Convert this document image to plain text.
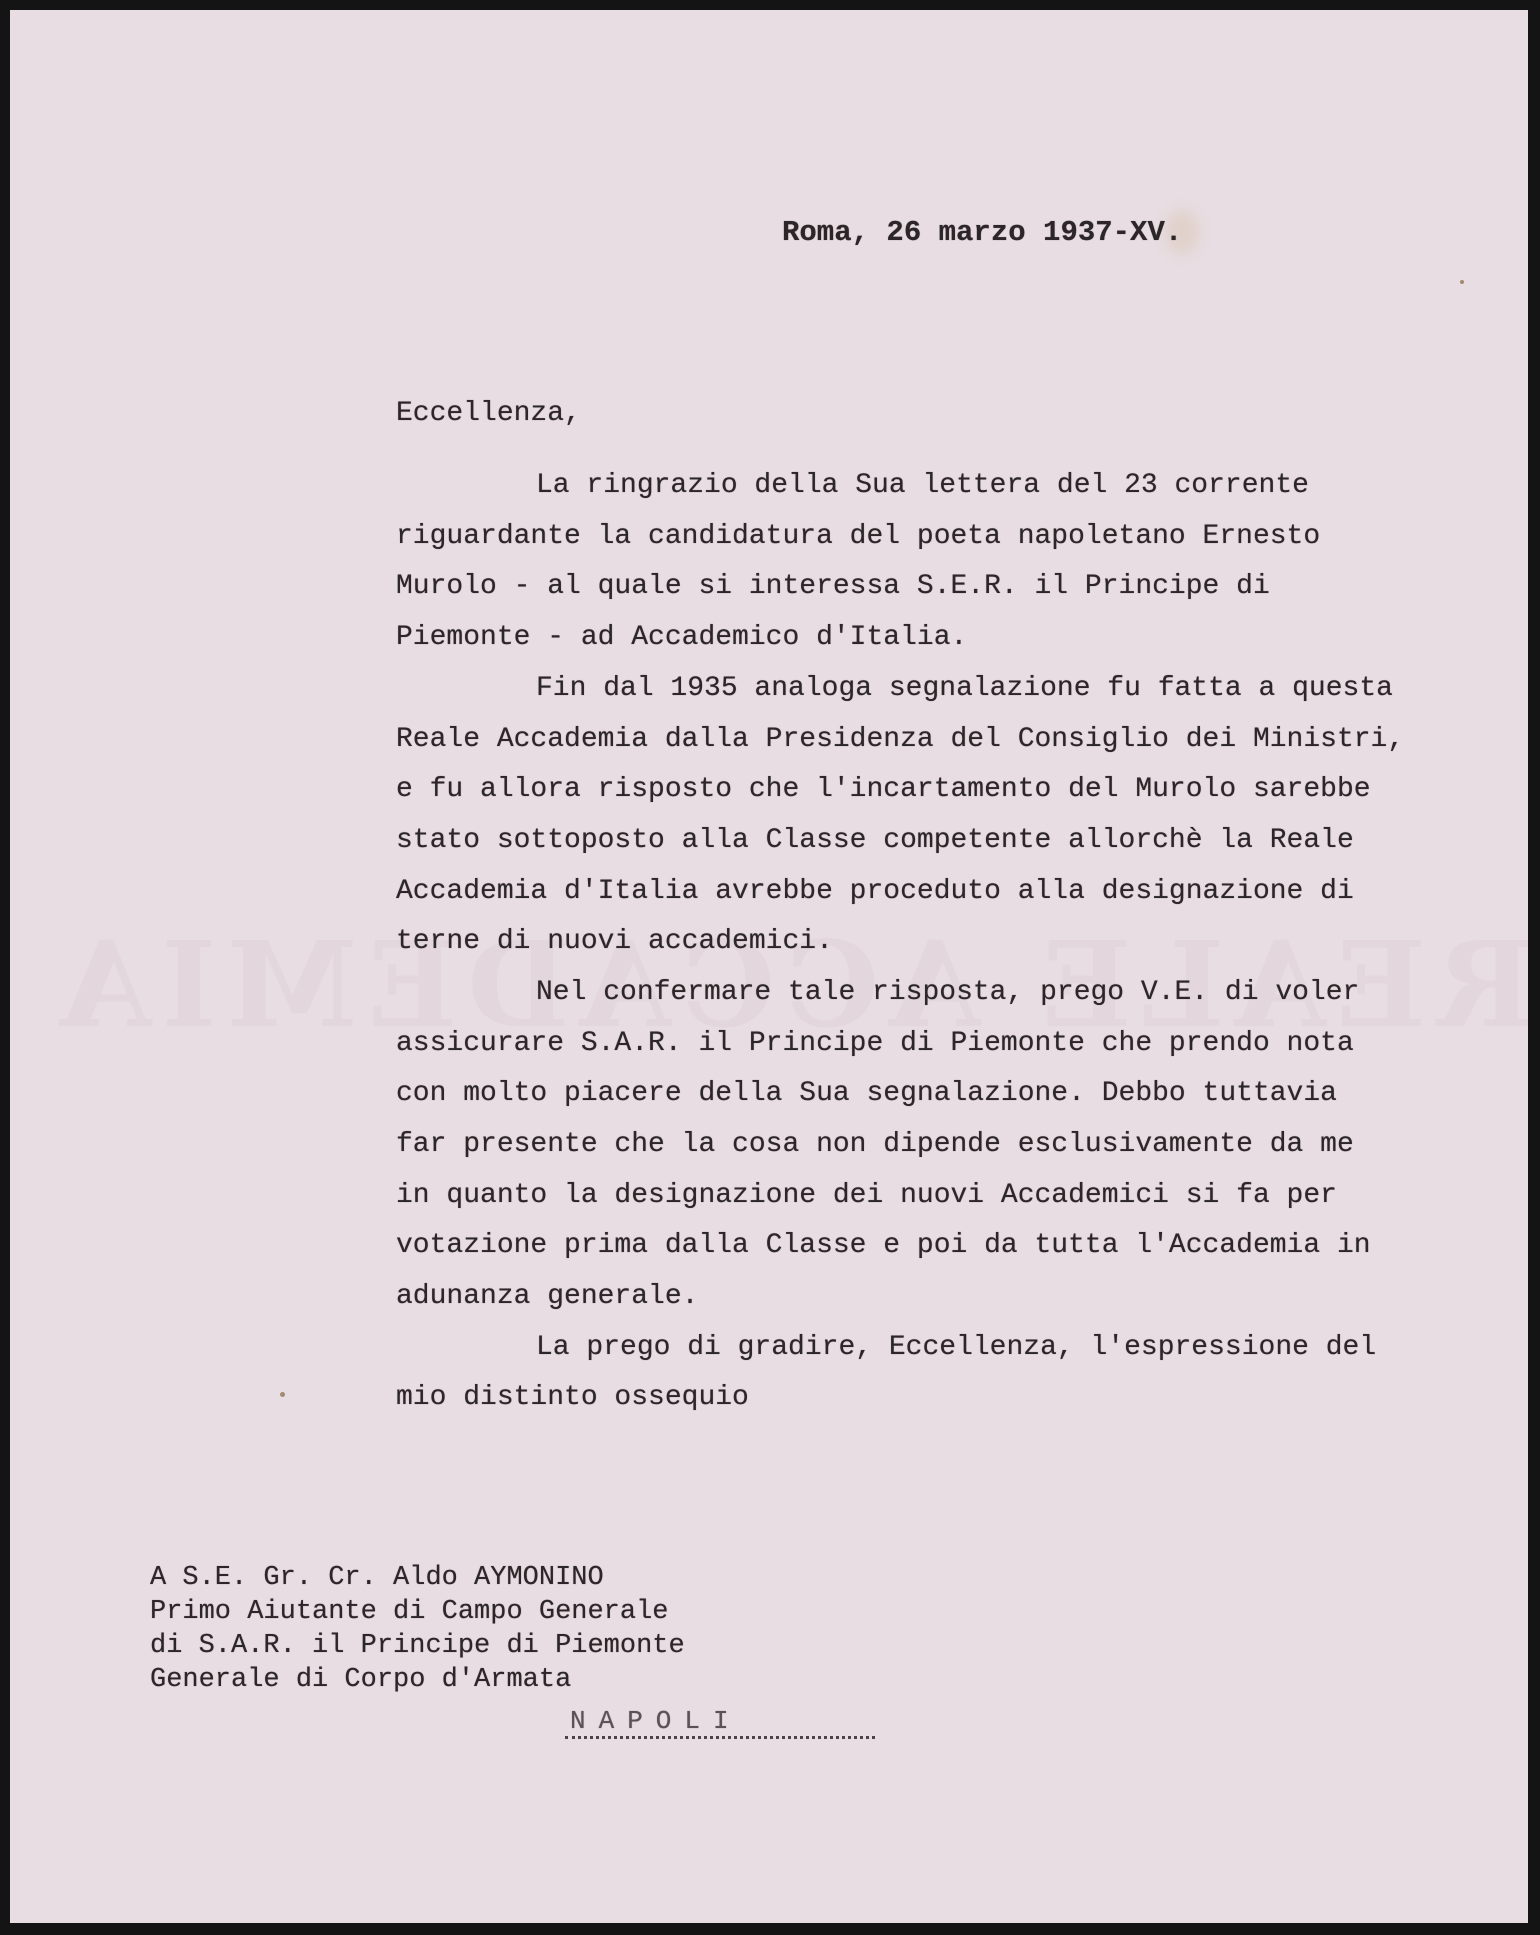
Roma, 26 marzo 1937-XV.

Eccellenza,

La ringrazio della Sua lettera del 23 corrente

riguardante la candidatura del poeta napoletano Ernesto

Murolo - al quale si interessa S.E.R. il Principe di

Piemonte - ad Accademico d'Italia.

Fin dal 1935 analoga segnalazione fu fatta a questa

Reale Accademia dalla Presidenza del Consiglio dei Ministri,

e fu allora risposto che l'incartamento del Murolo sarebbe

stato sottoposto alla Classe competente allorchè la Reale

Accademia d'Italia avrebbe proceduto alla designazione di

terne di nuovi accademici.

Nel confermare tale risposta, prego V.E. di voler

assicurare S.A.R. il Principe di Piemonte che prendo nota

con molto piacere della Sua segnalazione. Debbo tuttavia

far presente che la cosa non dipende esclusivamente da me

in quanto la designazione dei nuovi Accademici si fa per

votazione prima dalla Classe e poi da tutta l'Accademia in

adunanza generale.

La prego di gradire, Eccellenza, l'espressione del

mio distinto ossequio

A S.E. Gr. Cr. Aldo AYMONINO

Primo Aiutante di Campo Generale

di S.A.R. il Principe di Piemonte

Generale di Corpo d'Armata

NAPOLI
